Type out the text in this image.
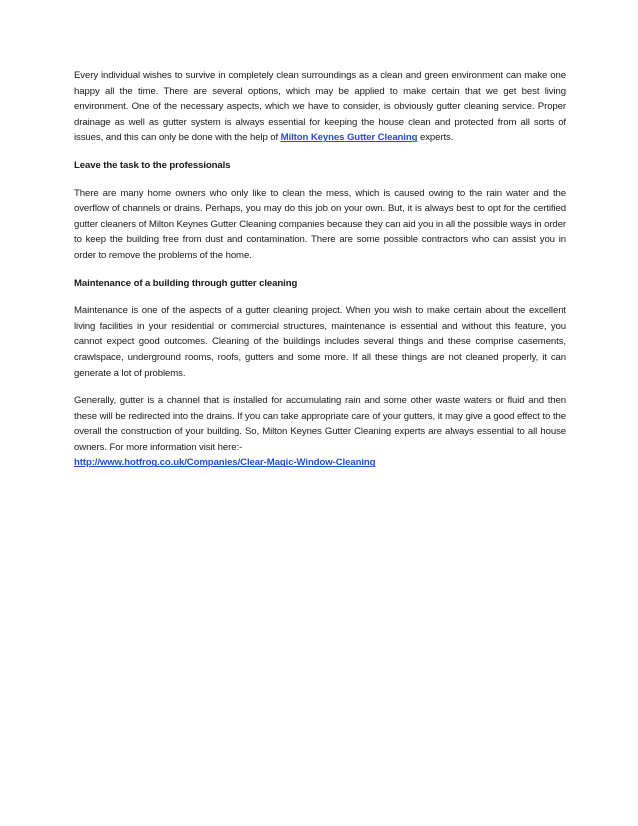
Every individual wishes to survive in completely clean surroundings as a clean and green environment can make one happy all the time. There are several options, which may be applied to make certain that we get best living environment. One of the necessary aspects, which we have to consider, is obviously gutter cleaning service. Proper drainage as well as gutter system is always essential for keeping the house clean and protected from all sorts of issues, and this can only be done with the help of Milton Keynes Gutter Cleaning experts.

Leave the task to the professionals

There are many home owners who only like to clean the mess, which is caused owing to the rain water and the overflow of channels or drains. Perhaps, you may do this job on your own. But, it is always best to opt for the certified gutter cleaners of Milton Keynes Gutter Cleaning companies because they can aid you in all the possible ways in order to keep the building free from dust and contamination. There are some possible contractors who can assist you in order to remove the problems of the home.

Maintenance of a building through gutter cleaning

Maintenance is one of the aspects of a gutter cleaning project. When you wish to make certain about the excellent living facilities in your residential or commercial structures, maintenance is essential and without this feature, you cannot expect good outcomes. Cleaning of the buildings includes several things and these comprise casements, crawlspace, underground rooms, roofs, gutters and some more. If all these things are not cleaned properly, it can generate a lot of problems.

Generally, gutter is a channel that is installed for accumulating rain and some other waste waters or fluid and then these will be redirected into the drains. If you can take appropriate care of your gutters, it may give a good effect to the overall the construction of your building. So, Milton Keynes Gutter Cleaning experts are always essential to all house owners. For more information visit here:-
http://www.hotfrog.co.uk/Companies/Clear-Magic-Window-Cleaning
